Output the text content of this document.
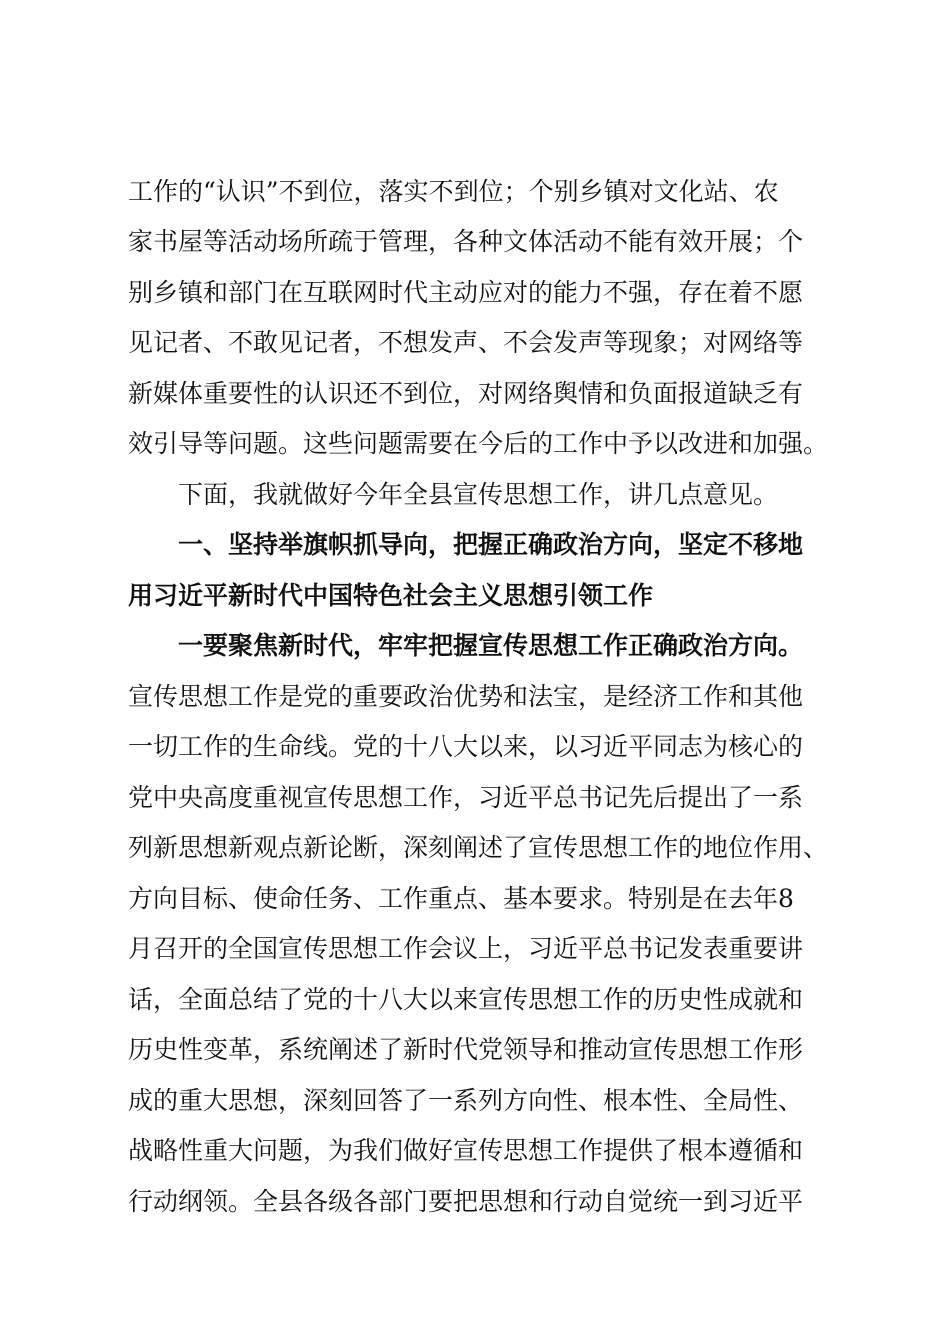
工作的“认识”不到位，落实不到位；个别乡镇对文化站、农
家书屋等活动场所疏于管理，各种文体活动不能有效开展；个
别乡镇和部门在互联网时代主动应对的能力不强，存在着不愿
见记者、不敢见记者，不想发声、不会发声等现象；对网络等
新媒体重要性的认识还不到位，对网络舆情和负面报道缺乏有
效引导等问题。这些问题需要在今后的工作中予以改进和加强。
下面，我就做好今年全县宣传思想工作，讲几点意见。
一、坚持举旗帜抓导向，把握正确政治方向，坚定不移地
用习近平新时代中国特色社会主义思想引领工作
一要聚焦新时代，牢牢把握宣传思想工作正确政治方向。
宣传思想工作是党的重要政治优势和法宝，是经济工作和其他
一切工作的生命线。党的十八大以来，以习近平同志为核心的
党中央高度重视宣传思想工作，习近平总书记先后提出了一系
列新思想新观点新论断，深刻阐述了宣传思想工作的地位作用、
方向目标、使命任务、工作重点、基本要求。特别是在去年8
月召开的全国宣传思想工作会议上，习近平总书记发表重要讲
话，全面总结了党的十八大以来宣传思想工作的历史性成就和
历史性变革，系统阐述了新时代党领导和推动宣传思想工作形
成的重大思想，深刻回答了一系列方向性、根本性、全局性、
战略性重大问题，为我们做好宣传思想工作提供了根本遵循和
行动纲领。全县各级各部门要把思想和行动自觉统一到习近平
